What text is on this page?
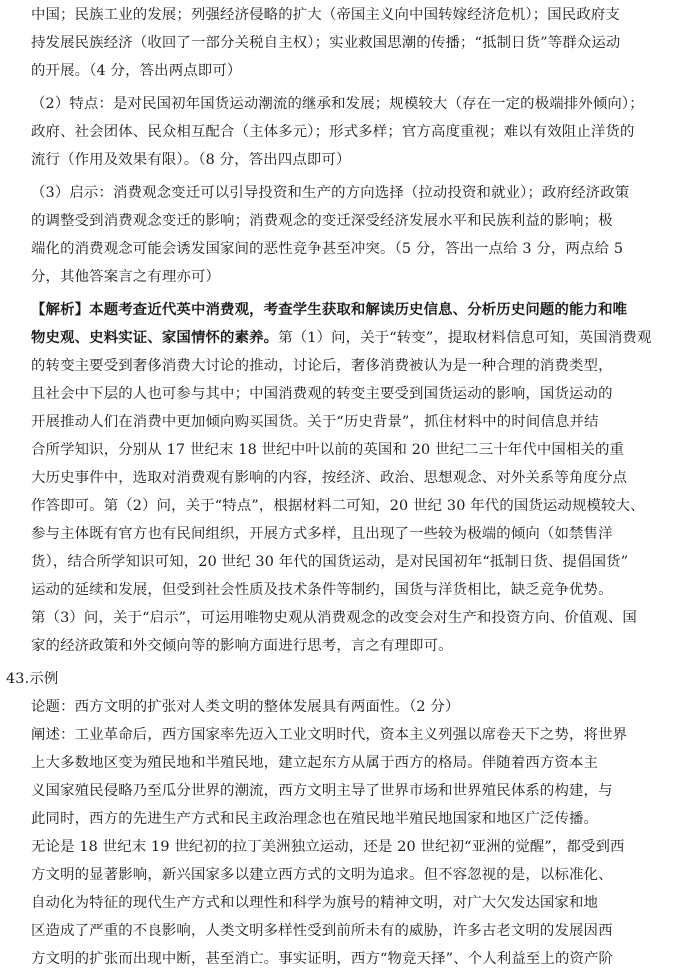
中国；民族工业的发展；列强经济侵略的扩大（帝国主义向中国转嫁经济危机）；国民政府支
持发展民族经济（收回了一部分关税自主权）；实业救国思潮的传播；“抵制日货”等群众运动
的开展。（4 分，答出两点即可）
（2）特点：是对民国初年国货运动潮流的继承和发展；规模较大（存在一定的极端排外倾向）；
政府、社会团体、民众相互配合（主体多元）；形式多样；官方高度重视；难以有效阻止洋货的
流行（作用及效果有限）。（8 分，答出四点即可）
（3）启示：消费观念变迁可以引导投资和生产的方向选择（拉动投资和就业）；政府经济政策
的调整受到消费观念变迁的影响；消费观念的变迁深受经济发展水平和民族利益的影响；极
端化的消费观念可能会诱发国家间的恶性竞争甚至冲突。（5 分，答出一点给 3 分，两点给 5
分，其他答案言之有理亦可）
【解析】本题考查近代英中消费观，考查学生获取和解读历史信息、分析历史问题的能力和唯
物史观、史料实证、家国情怀的素养。第（1）问，关于“转变”，提取材料信息可知，英国消费观
的转变主要受到奢侈消费大讨论的推动，讨论后，奢侈消费被认为是一种合理的消费类型，
且社会中下层的人也可参与其中；中国消费观的转变主要受到国货运动的影响，国货运动的
开展推动人们在消费中更加倾向购买国货。关于“历史背景”，抓住材料中的时间信息并结
合所学知识，分别从 17 世纪末 18 世纪中叶以前的英国和 20 世纪二三十年代中国相关的重
大历史事件中，选取对消费观有影响的内容，按经济、政治、思想观念、对外关系等角度分点
作答即可。第（2）问，关于“特点”，根据材料二可知，20 世纪 30 年代的国货运动规模较大、
参与主体既有官方也有民间组织，开展方式多样，且出现了一些较为极端的倾向（如禁售洋
货），结合所学知识可知，20 世纪 30 年代的国货运动，是对民国初年“抵制日货、提倡国货”
运动的延续和发展，但受到社会性质及技术条件等制约，国货与洋货相比，缺乏竞争优势。
第（3）问，关于“启示”，可运用唯物史观从消费观念的改变会对生产和投资方向、价值观、国
家的经济政策和外交倾向等的影响方面进行思考，言之有理即可。
43.示例
论题：西方文明的扩张对人类文明的整体发展具有两面性。（2 分）
阐述：工业革命后，西方国家率先迈入工业文明时代，资本主义列强以席卷天下之势，将世界
上大多数地区变为殖民地和半殖民地，建立起东方从属于西方的格局。伴随着西方资本主
义国家殖民侵略乃至瓜分世界的潮流，西方文明主导了世界市场和世界殖民体系的构建，与
此同时，西方的先进生产方式和民主政治理念也在殖民地半殖民地国家和地区广泛传播。
无论是 18 世纪末 19 世纪初的拉丁美洲独立运动，还是 20 世纪初“亚洲的觉醒”，都受到西
方文明的显著影响，新兴国家多以建立西方式的文明为追求。但不容忽视的是，以标准化、
自动化为特征的现代生产方式和以理性和科学为旗号的精神文明，对广大欠发达国家和地
区造成了严重的不良影响，人类文明多样性受到前所未有的威胁，许多古老文明的发展因西
方文明的扩张而出现中断，甚至消亡。事实证明，西方“物竞天择”、个人利益至上的资产阶
